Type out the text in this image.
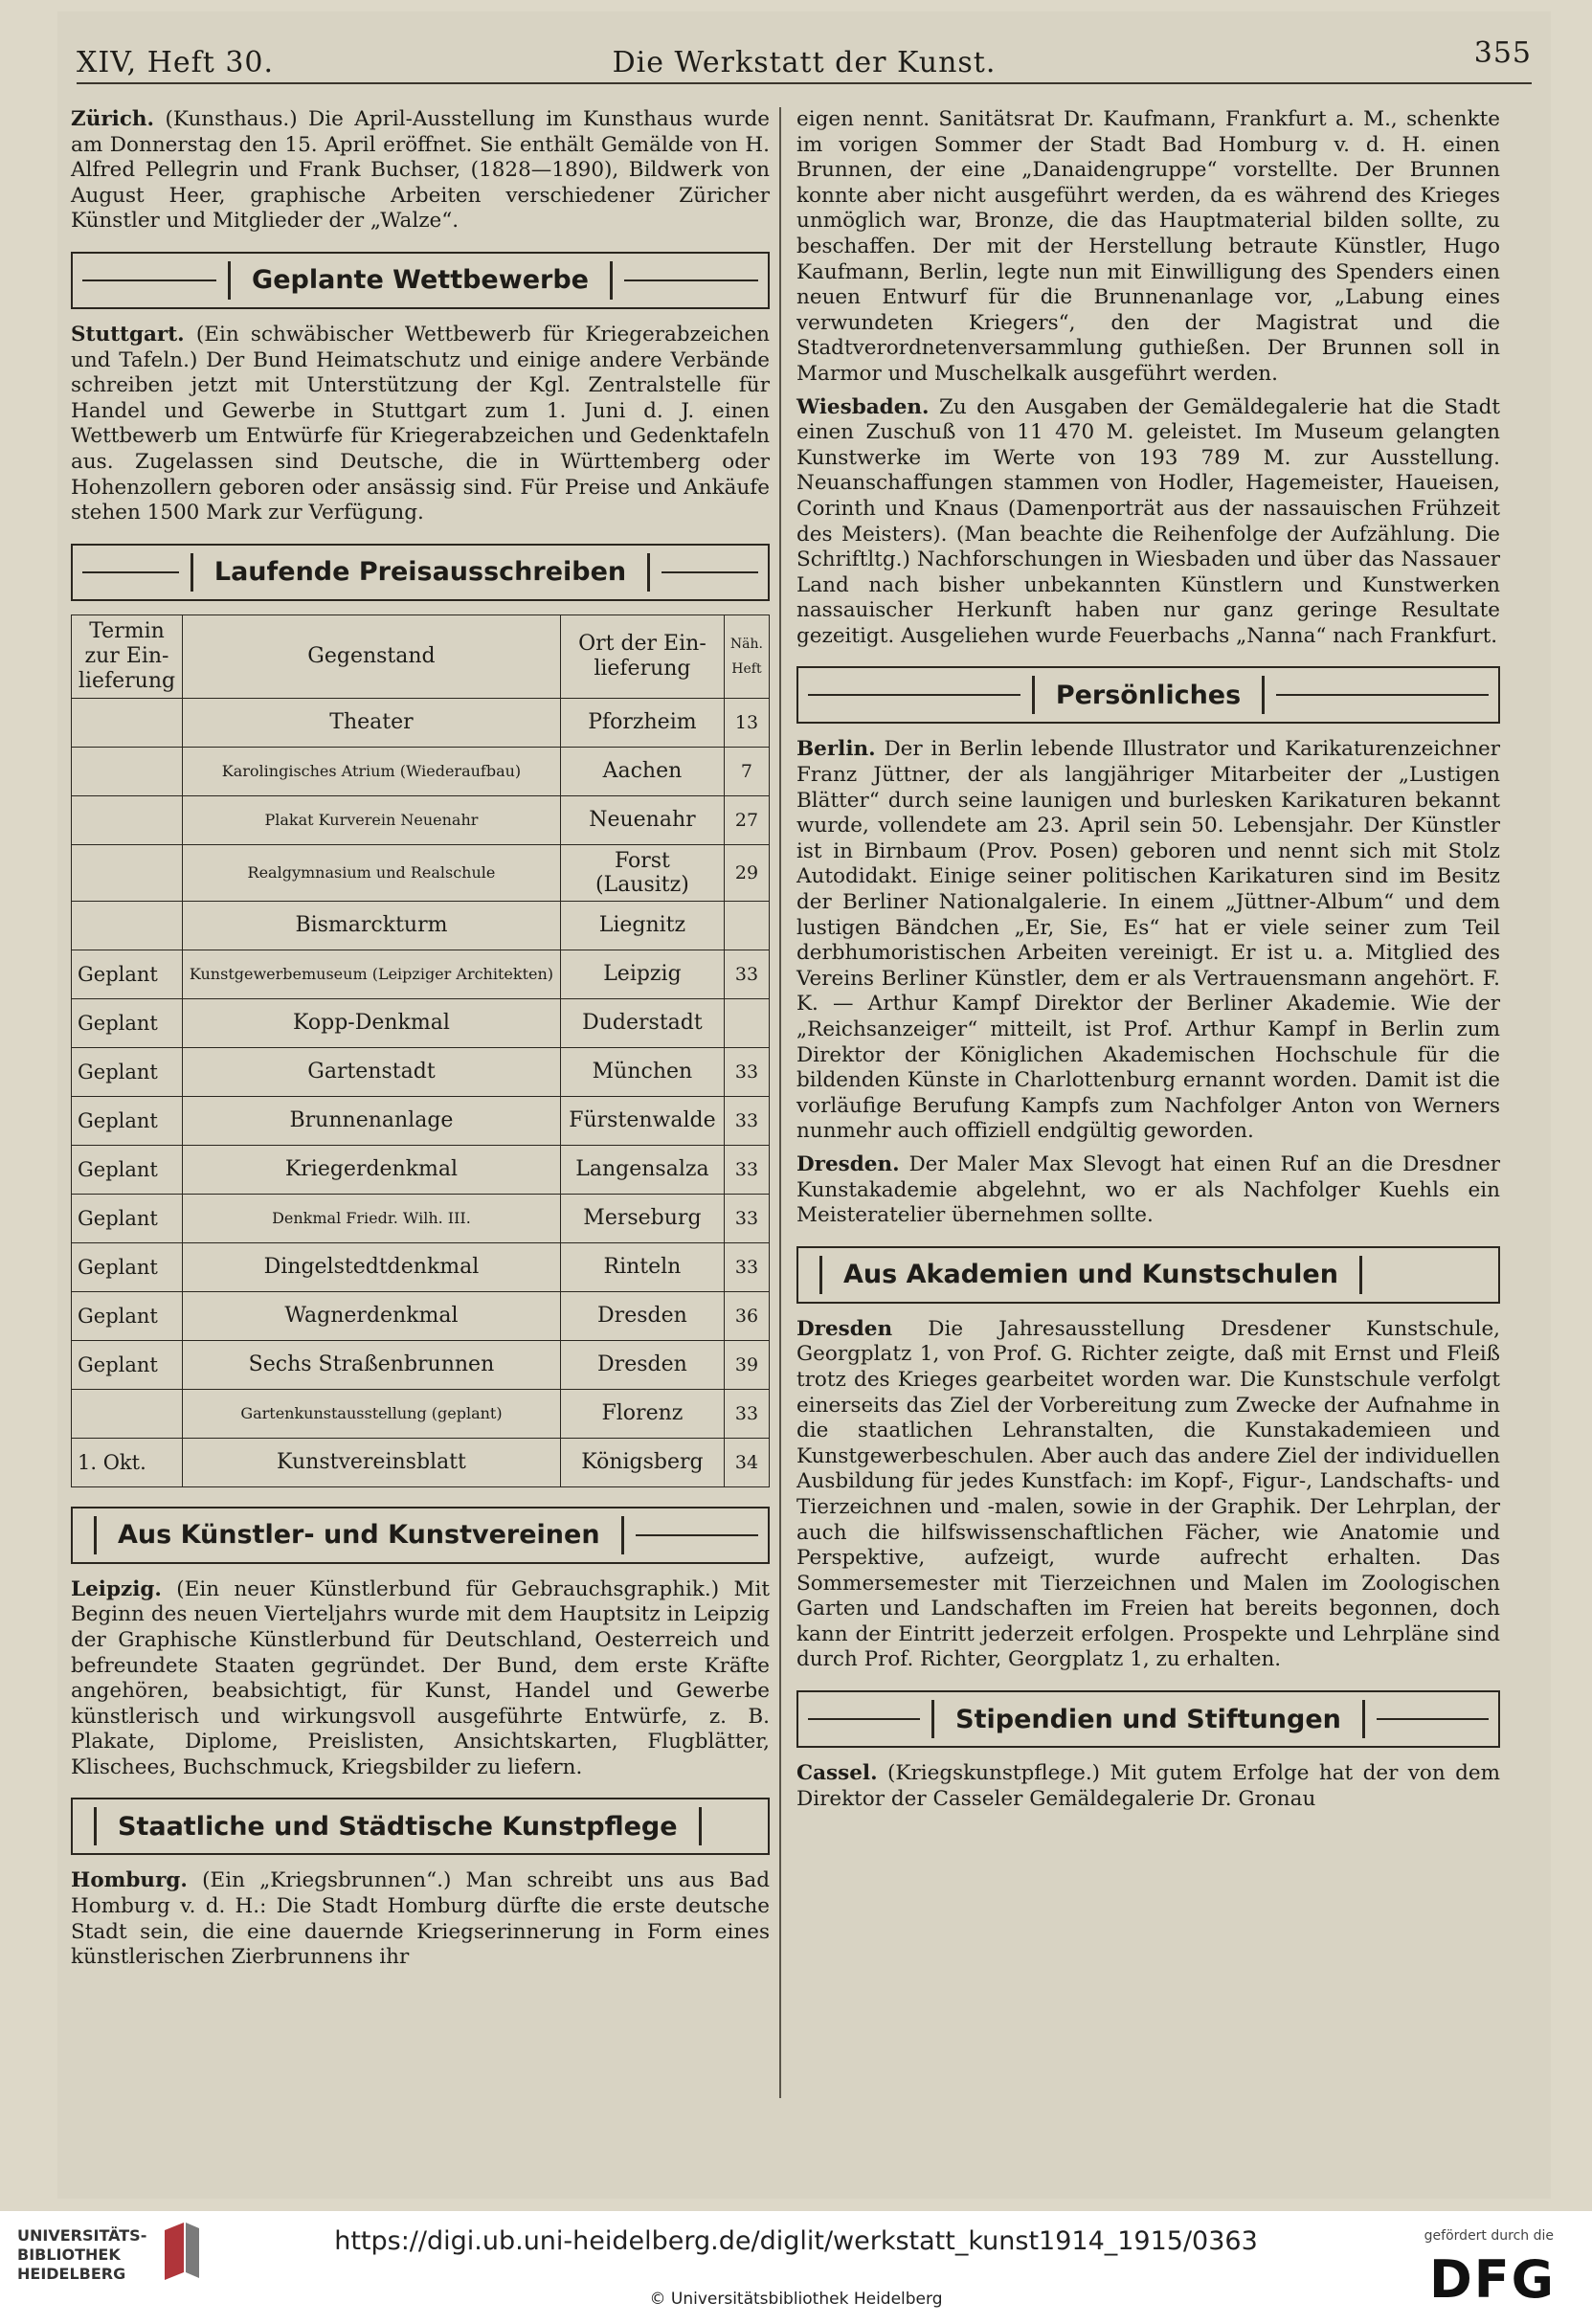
XIV, Heft 30.	Die Werkstatt der Kunst.	355

Zürich. (Kunsthaus.) Die April-Ausstellung im Kunsthaus wurde am Donnerstag den 15. April eröffnet. Sie enthält Gemälde von H. Alfred Pellegrin und Frank Buchser, (1828—1890), Bildwerk von August Heer, graphische Arbeiten verschiedener Züricher Künstler und Mitglieder der „Walze“.

Geplante Wettbewerbe

Stuttgart. (Ein schwäbischer Wettbewerb für Kriegerabzeichen und Tafeln.) Der Bund Heimatschutz und einige andere Verbände schreiben jetzt mit Unterstützung der Kgl. Zentralstelle für Handel und Gewerbe in Stuttgart zum 1. Juni d. J. einen Wettbewerb um Entwürfe für Kriegerabzeichen und Gedenktafeln aus. Zugelassen sind Deutsche, die in Württemberg oder Hohenzollern geboren oder ansässig sind. Für Preise und Ankäufe stehen 1500 Mark zur Verfügung.

Laufende Preisausschreiben
Termin zur Ein-lieferung	Gegenstand	Ort der Ein-lieferung	Näh. Heft
	Theater	Pforzheim	13
	Karolingisches Atrium (Wiederaufbau)	Aachen	7
	Plakat Kurverein Neuenahr	Neuenahr	27
	Realgymnasium und Realschule	Forst (Lausitz)	29
	Bismarckturm	Liegnitz	
Geplant	Kunstgewerbemuseum (Leipziger Architekten)	Leipzig	33
Geplant	Kopp-Denkmal	Duderstadt	
Geplant	Gartenstadt	München	33
Geplant	Brunnenanlage	Fürstenwalde	33
Geplant	Kriegerdenkmal	Langensalza	33
Geplant	Denkmal Friedr. Wilh. III.	Merseburg	33
Geplant	Dingelstedtdenkmal	Rinteln	33
Geplant	Wagnerdenkmal	Dresden	36
Geplant	Sechs Straßenbrunnen	Dresden	39
	Gartenkunstausstellung (geplant)	Florenz	33
1. Okt.	Kunstvereinsblatt	Königsberg	34
Aus Künstler- und Kunstvereinen

Leipzig. (Ein neuer Künstlerbund für Gebrauchsgraphik.) Mit Beginn des neuen Vierteljahrs wurde mit dem Hauptsitz in Leipzig der Graphische Künstlerbund für Deutschland, Oesterreich und befreundete Staaten gegründet. Der Bund, dem erste Kräfte angehören, beabsichtigt, für Kunst, Handel und Gewerbe künstlerisch und wirkungsvoll ausgeführte Entwürfe, z. B. Plakate, Diplome, Preislisten, Ansichtskarten, Flugblätter, Klischees, Buchschmuck, Kriegsbilder zu liefern.

Staatliche und Städtische Kunstpflege

Homburg. (Ein „Kriegsbrunnen“.) Man schreibt uns aus Bad Homburg v. d. H.: Die Stadt Homburg dürfte die erste deutsche Stadt sein, die eine dauernde Kriegserinnerung in Form eines künstlerischen Zierbrunnens ihr

eigen nennt. Sanitätsrat Dr. Kaufmann, Frankfurt a. M., schenkte im vorigen Sommer der Stadt Bad Homburg v. d. H. einen Brunnen, der eine „Danaidengruppe“ vorstellte. Der Brunnen konnte aber nicht ausgeführt werden, da es während des Krieges unmöglich war, Bronze, die das Hauptmaterial bilden sollte, zu beschaffen. Der mit der Herstellung betraute Künstler, Hugo Kaufmann, Berlin, legte nun mit Einwilligung des Spenders einen neuen Entwurf für die Brunnenanlage vor, „Labung eines verwundeten Kriegers“, den der Magistrat und die Stadtverordnetenversammlung guthießen. Der Brunnen soll in Marmor und Muschelkalk ausgeführt werden.

Wiesbaden. Zu den Ausgaben der Gemäldegalerie hat die Stadt einen Zuschuß von 11 470 M. geleistet. Im Museum gelangten Kunstwerke im Werte von 193 789 M. zur Ausstellung. Neuanschaffungen stammen von Hodler, Hagemeister, Haueisen, Corinth und Knaus (Damenporträt aus der nassauischen Frühzeit des Meisters). (Man beachte die Reihenfolge der Aufzählung. Die Schriftltg.) Nachforschungen in Wiesbaden und über das Nassauer Land nach bisher unbekannten Künstlern und Kunstwerken nassauischer Herkunft haben nur ganz geringe Resultate gezeitigt. Ausgeliehen wurde Feuerbachs „Nanna“ nach Frankfurt.

Persönliches

Berlin. Der in Berlin lebende Illustrator und Karikaturenzeichner Franz Jüttner, der als langjähriger Mitarbeiter der „Lustigen Blätter“ durch seine launigen und burlesken Karikaturen bekannt wurde, vollendete am 23. April sein 50. Lebensjahr. Der Künstler ist in Birnbaum (Prov. Posen) geboren und nennt sich mit Stolz Autodidakt. Einige seiner politischen Karikaturen sind im Besitz der Berliner Nationalgalerie. In einem „Jüttner-Album“ und dem lustigen Bändchen „Er, Sie, Es“ hat er viele seiner zum Teil derbhumoristischen Arbeiten vereinigt. Er ist u. a. Mitglied des Vereins Berliner Künstler, dem er als Vertrauensmann angehört. F. K. — Arthur Kampf Direktor der Berliner Akademie. Wie der „Reichsanzeiger“ mitteilt, ist Prof. Arthur Kampf in Berlin zum Direktor der Königlichen Akademischen Hochschule für die bildenden Künste in Charlottenburg ernannt worden. Damit ist die vorläufige Berufung Kampfs zum Nachfolger Anton von Werners nunmehr auch offiziell endgültig geworden.

Dresden. Der Maler Max Slevogt hat einen Ruf an die Dresdner Kunstakademie abgelehnt, wo er als Nachfolger Kuehls ein Meisteratelier übernehmen sollte.

Aus Akademien und Kunstschulen

Dresden Die Jahresausstellung Dresdener Kunstschule, Georgplatz 1, von Prof. G. Richter zeigte, daß mit Ernst und Fleiß trotz des Krieges gearbeitet worden war. Die Kunstschule verfolgt einerseits das Ziel der Vorbereitung zum Zwecke der Aufnahme in die staatlichen Lehranstalten, die Kunstakademieen und Kunstgewerbeschulen. Aber auch das andere Ziel der individuellen Ausbildung für jedes Kunstfach: im Kopf-, Figur-, Landschafts- und Tierzeichnen und -malen, sowie in der Graphik. Der Lehrplan, der auch die hilfswissenschaftlichen Fächer, wie Anatomie und Perspektive, aufzeigt, wurde aufrecht erhalten. Das Sommersemester mit Tierzeichnen und Malen im Zoologischen Garten und Landschaften im Freien hat bereits begonnen, doch kann der Eintritt jederzeit erfolgen. Prospekte und Lehrpläne sind durch Prof. Richter, Georgplatz 1, zu erhalten.

Stipendien und Stiftungen

Cassel. (Kriegskunstpflege.) Mit gutem Erfolge hat der von dem Direktor der Casseler Gemäldegalerie Dr. Gronau

UNIVERSITÄTS-
BIBLIOTHEK
HEIDELBERG
https://digi.ub.uni-heidelberg.de/diglit/werkstatt_kunst1914_1915/0363
© Universitätsbibliothek Heidelberg
gefördert durch die
DFG
